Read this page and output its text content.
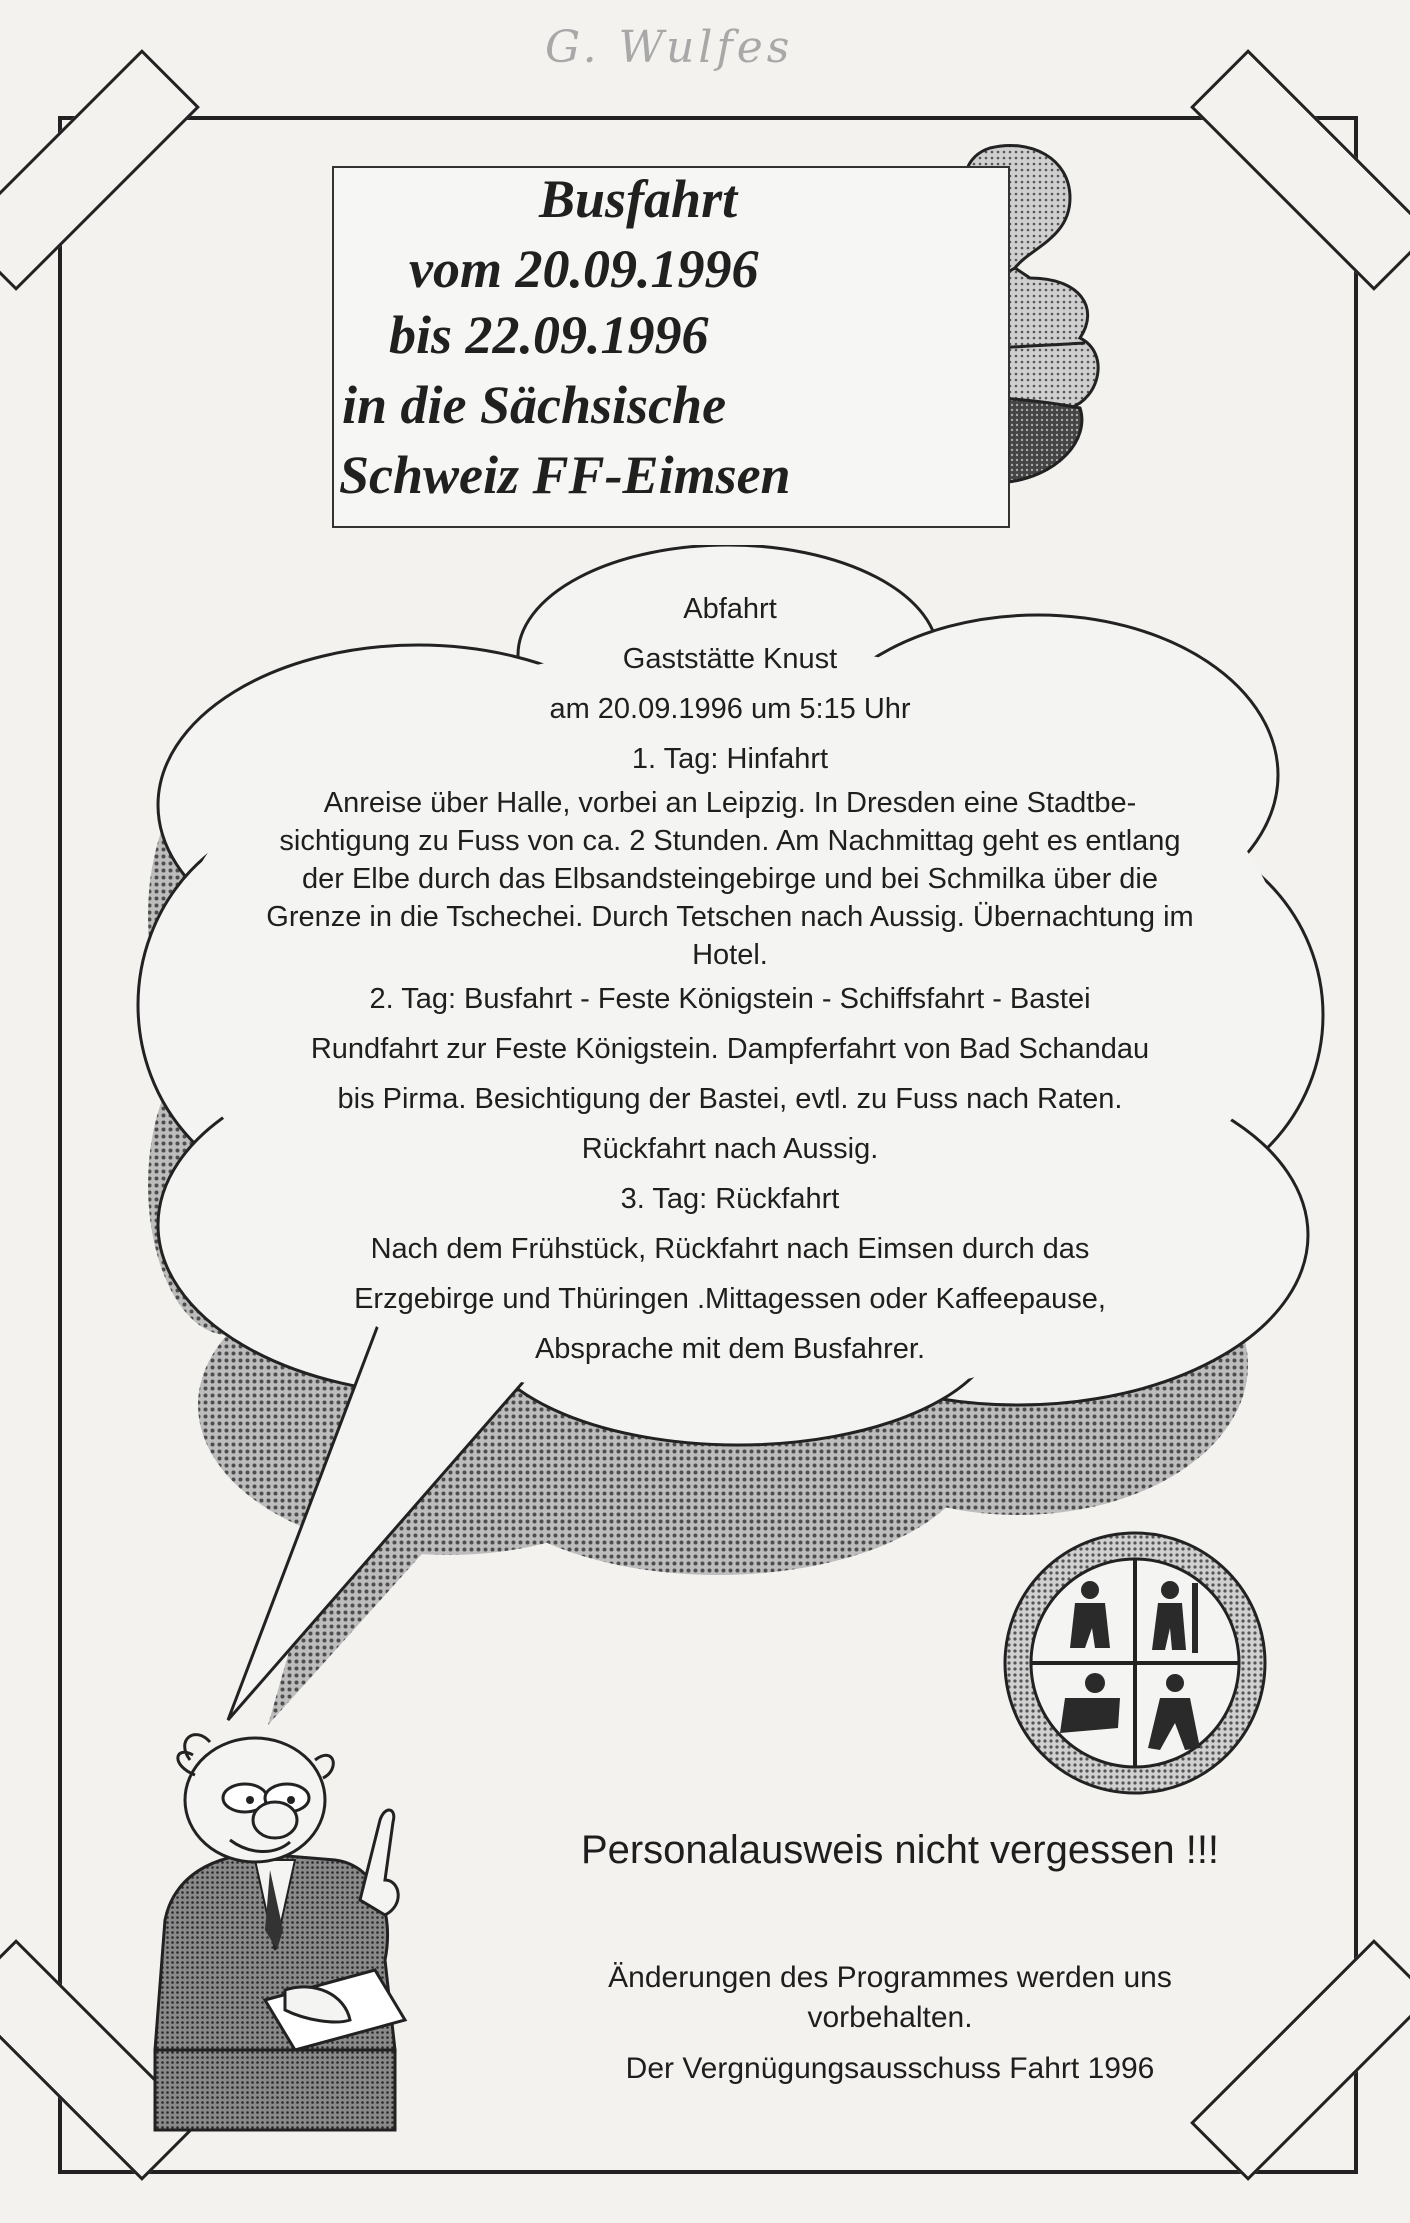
G. Wulfes
Busfahrt
vom 20.09.1996
bis 22.09.1996
in die Sächsische
Schweiz FF-Eimsen
Abfahrt
Gaststätte Knust
am 20.09.1996 um 5:15 Uhr
1. Tag: Hinfahrt
Anreise über Halle, vorbei an Leipzig. In Dresden eine Stadtbe-
sichtigung zu Fuss von ca. 2 Stunden. Am Nachmittag geht es entlang
der Elbe durch das Elbsandsteingebirge und bei Schmilka über die
Grenze in die Tschechei. Durch Tetschen nach Aussig. Übernachtung im
Hotel.
2. Tag: Busfahrt - Feste Königstein - Schiffsfahrt - Bastei
Rundfahrt zur Feste Königstein. Dampferfahrt von Bad Schandau
bis Pirma. Besichtigung der Bastei, evtl. zu Fuss nach Raten.
Rückfahrt nach Aussig.
3. Tag: Rückfahrt
Nach dem Frühstück, Rückfahrt nach Eimsen durch das
Erzgebirge und Thüringen .Mittagessen oder Kaffeepause,
Absprache mit dem Busfahrer.
Personalausweis nicht vergessen !!!
Änderungen des Programmes werden uns
vorbehalten.
Der Vergnügungsausschuss Fahrt 1996
